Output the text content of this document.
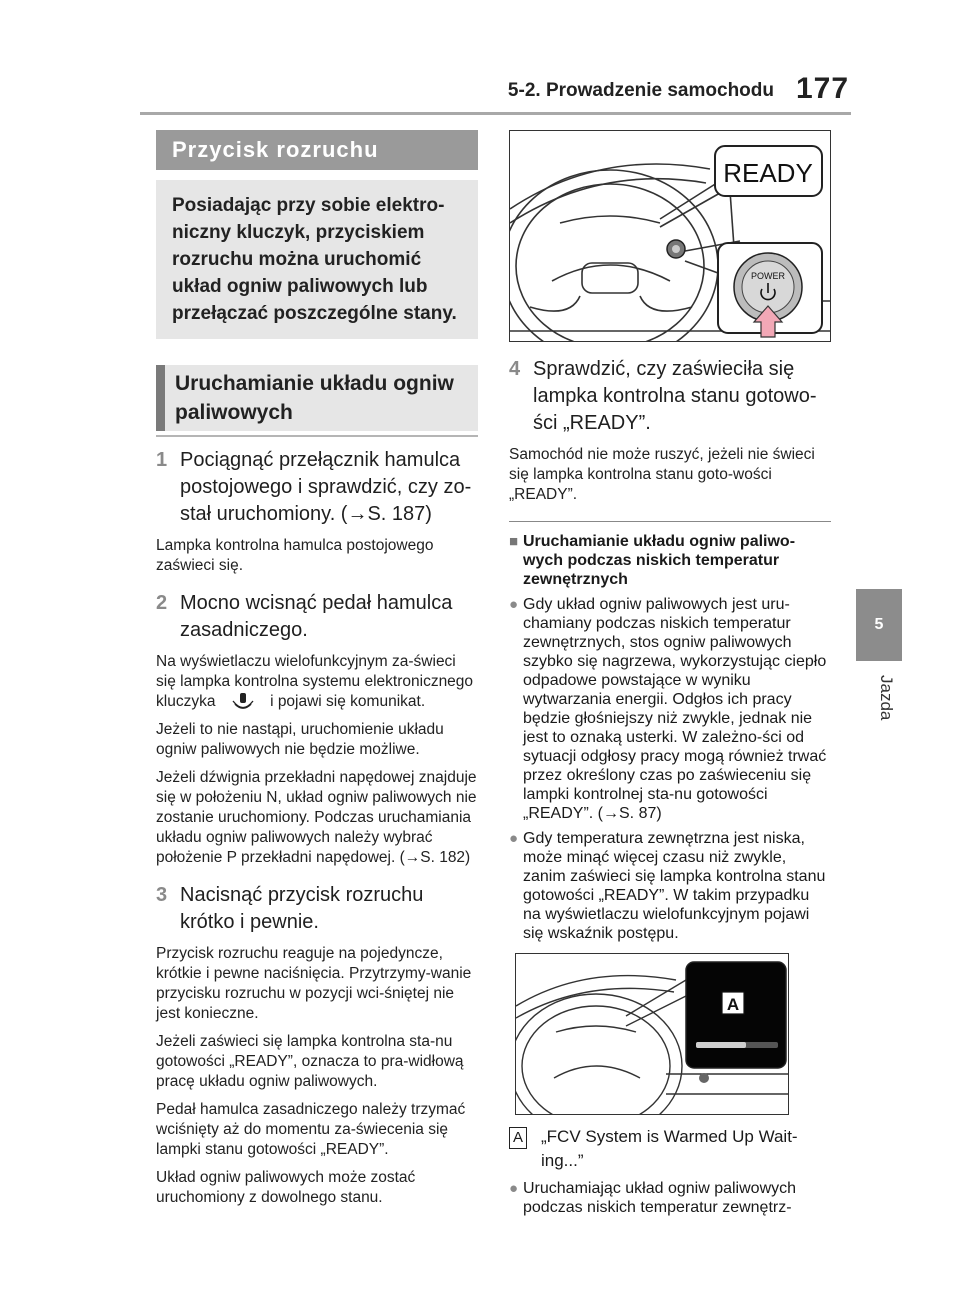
5-2. Prowadzenie samochodu 177
5
Jazda
Przycisk rozruchu
Posiadając przy sobie elektro-niczny kluczyk, przyciskiem rozruchu można uruchomić układ ogniw paliwowych lub przełączać poszczególne stany.
Uruchamianie układu ogniw paliwowych
1 Pociągnąć przełącznik hamulca postojowego i sprawdzić, czy zo-stał uruchomiony. (→S. 187)
Lampka kontrolna hamulca postojowego zaświeci się.
2 Mocno wcisnąć pedał hamulca zasadniczego.
Na wyświetlaczu wielofunkcyjnym za-świeci się lampka kontrolna systemu elektronicznego kluczyka	i pojawi się komunikat.
Jeżeli to nie nastąpi, uruchomienie układu ogniw paliwowych nie będzie możliwe.
Jeżeli dźwignia przekładni napędowej znajduje się w położeniu N, układ ogniw paliwowych nie zostanie uruchomiony. Podczas uruchamiania układu ogniw paliwowych należy wybrać położenie P przekładni napędowej. (→S. 182)
3 Nacisnąć przycisk rozruchu krótko i pewnie.
Przycisk rozruchu reaguje na pojedyncze, krótkie i pewne naciśnięcia. Przytrzymy-wanie przycisku rozruchu w pozycji wci-śniętej nie jest konieczne.
Jeżeli zaświeci się lampka kontrolna sta-nu gotowości „READY”, oznacza to pra-widłową pracę układu ogniw paliwowych.
Pedał hamulca zasadniczego należy trzymać wciśnięty aż do momentu za-świecenia się lampki stanu gotowości „READY”.
Układ ogniw paliwowych może zostać uruchomiony z dowolnego stanu.
READY
POWER
4 Sprawdzić, czy zaświeciła się lampka kontrolna stanu gotowo-ści „READY”.
Samochód nie może ruszyć, jeżeli nie świeci się lampka kontrolna stanu goto-wości „READY”.
■ Uruchamianie układu ogniw paliwo-wych podczas niskich temperatur zewnętrznych
● Gdy układ ogniw paliwowych jest uru-chamiany podczas niskich temperatur zewnętrznych, stos ogniw paliwowych szybko się nagrzewa, wykorzystując ciepło odpadowe powstające w wyniku wytwarzania energii. Odgłos ich pracy będzie głośniejszy niż zwykle, jednak nie jest to oznaką usterki. W zależno-ści od sytuacji odgłosy pracy mogą również trwać przez określony czas po zaświeceniu się lampki kontrolnej sta-nu gotowości „READY”. (→S. 87)
● Gdy temperatura zewnętrzna jest niska, może minąć więcej czasu niż zwykle, zanim zaświeci się lampka kontrolna stanu gotowości „READY”. W takim przypadku na wyświetlaczu wielofunkcyjnym pojawi się wskaźnik postępu.
A
A „FCV System is Warmed Up Wait-ing...”
● Uruchamiając układ ogniw paliwowych podczas niskich temperatur zewnętrz-
